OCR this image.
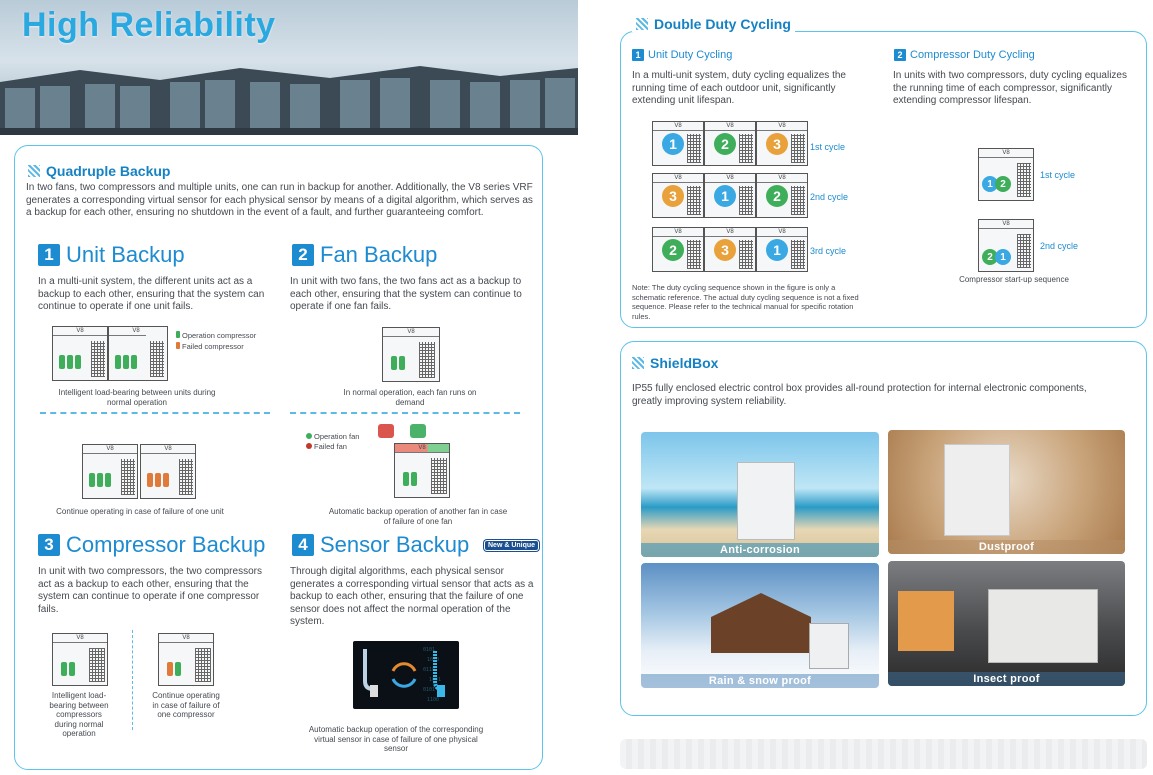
High Reliability
Quadruple Backup
In two fans, two compressors and multiple units, one can run in backup for another. Additionally, the V8 series VRF generates a corresponding virtual sensor for each physical sensor by means of a digital algorithm, which serves as a backup for each other, ensuring no shutdown in the event of a fault, and further guaranteeing comfort.
1 Unit Backup
In a multi-unit system, the different units act as a backup to each other, ensuring that the system can continue to operate if one unit fails.
V8	V8	Operation compressor
Failed compressor
Intelligent load-bearing between units during normal operation
V8	V8
Continue operating in case of failure of one unit
2 Fan Backup
In unit with two fans, the two fans act as a backup to each other, ensuring that the system can continue to operate if one fan fails.
V8
In normal operation, each fan runs on demand
Operation fan
Failed fan	V8
Automatic backup operation of another fan in case of failure of one fan
3 Compressor Backup
In unit with two compressors, the two compressors act as a backup to each other, ensuring that the system can continue to operate if one compressor fails.
V8	V8
Intelligent load-bearing between compressors during normal operation
Continue operating in case of failure of one compressor
4 Sensor Backup	New & Unique
Through digital algorithms, each physical sensor generates a corresponding virtual sensor that acts as a backup to each other, ensuring that the failure of one sensor does not affect the normal operation of the system.
0101
1010
0110
1001
0101
1100
Automatic backup operation of the corresponding virtual sensor in case of failure of one physical sensor
Double Duty Cycling
1 Unit Duty Cycling
In a multi-unit system, duty cycling equalizes the running time of each outdoor unit, significantly extending unit lifespan.
V8
1
V8
2
V8
3
V8
3
V8
1
V8
2
V8
2
V8
3
V8
1
1st cycle
2nd cycle
3rd cycle
Note: The duty cycling sequence shown in the figure is only a schematic reference. The actual duty cycling sequence is not a fixed sequence. Please refer to the technical manual for specific rotation rules.
2 Compressor Duty Cycling
In units with two compressors, duty cycling equalizes the running time of each compressor, significantly extending compressor lifespan.
V8
1 2
1st cycle
V8
2 1
2nd cycle
Compressor start-up sequence
ShieldBox
IP55 fully enclosed electric control box provides all-round protection for internal electronic components, greatly improving system reliability.
Anti-corrosion	Dustproof
Rain & snow proof	Insect proof
